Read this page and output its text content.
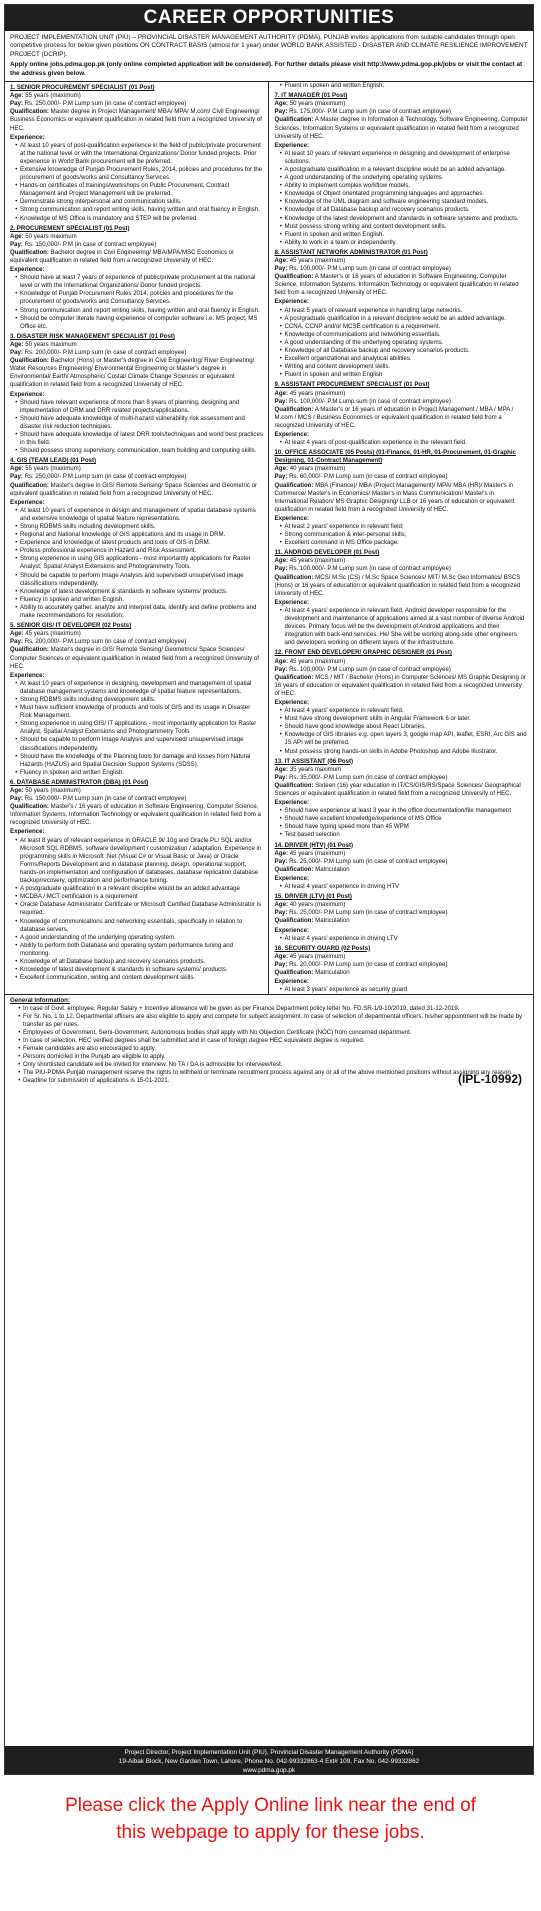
CAREER OPPORTUNITIES
PROJECT IMPLEMENTATION UNIT (PIU) – PROVINCIAL DISASTER MANAGEMENT AUTHORITY (PDMA), PUNJAB invites applications from suitable candidates through open competitive process for below given positions ON CONTRACT BASIS (almost for 1 year) under WORLD BANK ASSISTED - DISASTER AND CLIMATE RESILIENCE IMPROVEMENT PROJECT (DCRIP).
Apply online jobs.pdma.gop.pk (only online completed application will be considered). For further details please visit http://www.pdma.gop.pk/jobs or visit the contact at the address given below.
1. SENIOR PROCUREMENT SPECIALIST (01 Post)
Age: 55 years (maximum)
Pay: Rs. 250,000/- P.M Lump sum (in case of contract employee)
Qualification: Master degree in Project Management/ MBA/ MPA/ M.com/ Civil Engineering/ Business Economics or equivalent qualification in related field from a recognized University of HEC.
Experience:
• At least 10 years of post-qualification experience in the field of public/private procurement at the national level or with the International Organizations/ Donor funded projects. Prior experience in World Bank procurement will be preferred.
• Extensive knowledge of Punjab Procurement Rules, 2014, policies and procedures for the procurement of goods/works and Consultancy Services.
• Hands-on certificates of trainings/workshops on Public Procurement, Contract Management and Project Management will be preferred.
• Demonstrate strong interpersonal and communication skills.
• Strong communication and report writing skills, having written and oral fluency in English.
• Knowledge of MS Office is mandatory and STEP will be preferred.
2. PROCUREMENT SPECIALIST (01 Post)
Age: 50 years maximum
Pay: Rs. 150,000/- P.M (in case of contract employee)
Qualification: Bachelor degree in Civil Engineering/ MBA/MPA/MSC Economics or equivalent qualification in related field from a recognized University of HEC.
Experience:
• Should have at least 7 years of experience of public/private procurement at the national level or with the International Organizations/ Donor funded projects.
• Knowledge of Punjab Procurement Rules 2014, policies and procedures for the procurement of goods/works and Consultancy Services.
• Strong communication and report writing skills, having written and oral fluency in English.
• Should be computer literate having experience of computer software i.e. MS project, MS Office etc.
3. DISASTER RISK MANAGEMENT SPECIALIST (01 Post)
Age: 50 years maximum
Pay: Rs. 200,000/- P.M Lump sum (in case of contract employee)
Qualification: Bachelor (Hons) or Master's degree in Civil Engineering/ River Engineering/ Water Resources Engineering/ Environmental Engineering or Master's degree in Environmental/ Earth/ Atmospheric/ Costal/ Climate Change Sciences or equivalent qualification in related field from a recognized University of HEC.
Experience:
• Should have relevant experience of more than 8 years of planning, designing and implementation of DRM and DRR related projects/applications.
• Should have adequate knowledge of multi-hazard vulnerability risk assessment and disaster risk reduction techniques.
• Should have adequate knowledge of latest DRR tools/techniques and world best practices in this field.
• Should possess strong supervisory, communication, team building and computing skills.
4. GIS (TEAM LEAD) (01 Post)
Age: 55 years (maximum)
Pay: Rs. 250,000/- P.M Lump sum (in case of contract employee)
Qualification: Master's degree in GIS/ Remote Sensing/ Space Sciences and Geometric or equivalent qualification in related field from a recognized University of HEC.
Experience:
• At least 10 years of experience in design and management of spatial database systems and extensive knowledge of spatial feature representations.
• Strong RDBMS skills including development skills.
• Regional and National knowledge of GIS applications and its usage in DRM.
• Experience and knowledge of latest products and tools of GIS in DRM.
• Profess professional experience in Hazard and Risk Assessment.
• Strong experience in using GIS applications - most importantly applications for Raster Analyst, Spatial Analyst Extensions and Photogrammetry Tools.
• Should be capable to perform Image Analysis and supervised/ unsupervised image classifications independently.
• Knowledge of latest development & standards in software systems/ products.
• Fluency in spoken and written English.
• Ability to accurately gather, analyze and interpret data, identify and define problems and make recommendations for resolution;
5. SENIOR GIS/ IT DEVELOPER (02 Posts)
Age: 45 years (maximum)
Pay: Rs. 200,000/- P.M Lump sum (in case of contract employee)
Qualification: Master's degree in GIS/ Remote Sensing/ Geometrics/ Space Sciences/ Computer Sciences or equivalent qualification in related field from a recognized University of HEC.
Experience:
• At least 10 years of experience in designing, development and management of spatial database management systems and knowledge of spatial feature representations.
• Strong RDBMS skills including development skills.
• Must have sufficient knowledge of products and tools of GIS and its usage in Disaster Risk Management.
• Strong experience in using GIS/ IT applications - most importantly application for Raster Analyst, Spatial Analyst Extensions and Photogrammetry Tools
• Should be capable to perform Image Analysis and supervised/ unsupervised image classifications independently.
• Should have the knowledge of the Planning tools for damage and losses from Natural Hazards (HAZUS) and Spatial Decision Support Systems (SDSS).
• Fluency in spoken and written English.
6. DATABASE ADMINISTRATOR (DBA) (01 Post)
Age: 50 years (maximum)
Pay: Rs. 150,000/- P.M Lump sum (in case of contract employee)
Qualification: Master's / 16 years of education in Software Engineering, Computer Science, Information Systems, Information Technology or equivalent qualification in related field from a recognized University of HEC.
Experience:
• At least 8 years of relevant experience in ORACLE 9i/ 10g and Oracle PL/ SQL and/or Microsoft SQL RDBMS, software development / customization / adaptation, Experience in programming skills in Microsoft .Net (Visual C# or Visual Basic or Java) or Oracle Forms/Reports Development and in database planning, design, operational support, hands-on implementation and configuration of databases, database replication database backup/recovery, optimization and performance tuning.
• A postgraduate qualification in a relevant discipline would be an added advantage
• MCDBA / MCT certification is a requirement
• Oracle Database Administrator Certificate or Microsoft Certified Database Administrator is required.
• Knowledge of communications and networking essentials, specifically in relation to database servers.
• A good understanding of the underlying operating system.
• Ability to perform both Database and operating system performance tuning and monitoring.
• Knowledge of all Database backup and recovery scenarios products.
• Knowledge of latest development & standards in software systems/ products.
• Excellent communication, writing and content development skills.
• Fluent in spoken and written English;
7. IT MANAGER (01 Post)
Age: 50 years (maximum)
Pay: Rs. 175,000/- P.M Lump sum (in case of contract employee)
Qualification: A Master degree in Information & Technology, Software Engineering, Computer Sciences, Information Systems or equivalent qualification in related field from a recognized University of HEC.
Experience:
• At least 10 years of relevant experience in designing and development of enterprise solutions.
• A postgraduate qualification in a relevant discipline would be an added advantage.
• A good understanding of the underlying operating systems.
• Ability to implement complex workflow models.
• Knowledge of Object orientated programming languages and approaches.
• Knowledge of the UML diagram and software engineering standard models.
• Knowledge of all Database backup and recovery scenarios products.
• Knowledge of the latest development and standards in software systems and products.
• Must possess strong writing and content development skills.
• Fluent in spoken and written English.
• Ability to work in a team or independently.
8. ASSISTANT NETWORK ADMINISTRATOR (01 Post)
Age: 45 years (maximum)
Pay: Rs. 100,000/- P.M Lump sum (in case of contract employee)
Qualification: A Master's or 16 years of education in Software Engineering, Computer Science, Information Systems, Information Technology or equivalent qualification in related field from a recognized University of HEC.
Experience:
• At least 5 years of relevant experience in handling large networks.
• A postgraduate qualification in a relevant discipline would be an added advantage.
• CCNA, CCNP and/or MCSE certification is a requirement.
• Knowledge of communications and networking essentials.
• A good understanding of the underlying operating systems.
• Knowledge of all Database backup and recovery scenarios products.
• Excellent organizational and analytical abilities.
• Writing and content development skills.
• Fluent in spoken and written English
9. ASSISTANT PROCUREMENT SPECIALIST (01 Post)
Age: 45 years (maximum)
Pay: Rs. 100,000/- P.M Lump sum (in case of contract employee)
Qualification: A Master's or 16 years of education in Project Management / MBA / MPA / M.com / MCS / Business Economics or equivalent qualification in related field from a recognized University of HEC.
Experience:
• At least 4 years of post-qualification experience in the relevant field.
10. OFFICE ASSOCIATE (05 Posts) (01-Finance, 01-HR, 01-Procurement, 01-Graphic Designing, 01-Contract Management)
Age: 40 years (maximum)
Pay: Rs. 60,000/- P.M Lump sum (in case of contract employee)
Qualification: MBA (Finance)/ MBA (Project Management)/ MPA/ MBA (HR)/ Master's in Commerce/ Master's in Economics/ Master's in Mass Communication/ Master's in International Relation/ MS Graphic Designing/ LLB or 16 years of education or equivalent qualification in related field from a recognized University of HEC.
Experience:
• At least 2 years' experience in relevant field;
• Strong communication & inter-personal skills;
• Excellent command in MS Office package.
11. ANDROID DEVELOPER (01 Post)
Age: 45 years (maximum)
Pay: Rs. 100,000/- P.M Lump sum (in case of contract employee)
Qualification: MCS/ M.Sc (CS) / M.Sc Space Sciences/ MIT/ M.Sc Geo Informatics/ BSCS (Hons) or 16 years of education or equivalent qualification in related field from a recognized University of HEC.
Experience:
• At least 4 years' experience in relevant field. Android developer responsible for the development and maintenance of applications aimed at a vast number of diverse Android devices. Primary focus will be the development of Android applications and their integration with back-end services. He/ She will be working along-side other engineers and developers working on different layers of the infrastructure.
12. FRONT END DEVELOPER/ GRAPHIC DESIGNER (01 Post)
Age: 45 years (maximum)
Pay: Rs. 100,000/- P.M Lump sum (in case of contract employee)
Qualification: MCS / MIT / Bachelor (Hons) in Computer Sciences/ MS Graphic Designing or 16 years of education or equivalent qualification in related field from a recognized University of HEC.
Experience:
• At least 4 years' experience in relevant field.
• Must have strong development skills in Angular Framework 6 or later.
• Should have good knowledge about React Libraries.
• Knowledge of GIS libraries e.g. open layers 3, google map API, leaflet, ESRI, Arc GIS and JS API will be preferred.
• Must possess strong hands-on skills in Adobe Photoshop and Adobe Illustrator.
13. IT ASSISTANT (06 Post)
Age: 35 years maximum
Pay: Rs. 35,000/- P.M Lump sum (in case of contract employee)
Qualification: Sixteen (16) year education in IT/CS/GIS/RS/Space Sciences/ Geographical Sciences or equivalent qualification in related field from a recognized University of HEC.
Experience:
• Should have experience at least 3 year in the office documentation/file management
• Should have excellent knowledge/experience of MS Office
• Should have typing speed more than 45 WPM
• Test based selection
14. DRIVER (HTV) (01 Post)
Age: 45 years (maximum)
Pay: Rs. 25,000/- P.M Lump sum (in case of contract employee)
Qualification: Matriculation
Experience:
• At least 4 years' experience in driving HTV
15. DRIVER (LTV) (01 Post)
Age: 40 years (maximum)
Pay: Rs. 25,000/- P.M Lump sum (in case of contract employee)
Qualification: Matriculation
Experience:
• At least 4 years' experience in driving LTV
16. SECURITY GUARD (02 Posts)
Age: 45 years (maximum)
Pay: Rs. 20,000/- P.M Lump sum (in case of contract employee)
Qualification: Matriculation
Experience:
• At least 3 years' experience as security guard
General Information:
1. In case of Govt. employee, Regular Salary + Incentive allowance will be given as per Finance Department policy letter No. FD.SR-1/9-10/2019, dated 31-12-2019.
2. For Sr. No. 1 to 12, Departmental officers are also eligible to apply and compete for subject assignment. In case of selection of departmental officers, his/her appointment will be made by transfer as per rules.
3. Employees of Government, Semi-Government, Autonomous bodies shall apply with No Objection Certificate (NOC) from concerned department.
4. In case of selection, HEC verified degrees shall be submitted and in case of foreign degree HEC equivalent degree is required.
5. Female candidates are also encouraged to apply.
6. Persons domiciled in the Punjab are eligible to apply.
7. Only shortlisted candidate will be invited for interview. No TA / DA is admissible for interview/test.
8. The PIU-PDMA Punjab management reserve the rights to withheld or terminate recruitment process against any or all of the above mentioned positions without assigning any reason.
9. Deadline for submission of applications is 15-01-2021.	(IPL-10992)
Project Director, Project Implementation Unit (PIU), Provincial Disaster Management Authority (PDMA)
19-Aibak Block, New Garden Town, Lahore, Phone No. 042-99332863-4 Ext# 109, Fax No. 042-99332862
www.pdma.gop.pk
Please click the Apply Online link near the end of
this webpage to apply for these jobs.
